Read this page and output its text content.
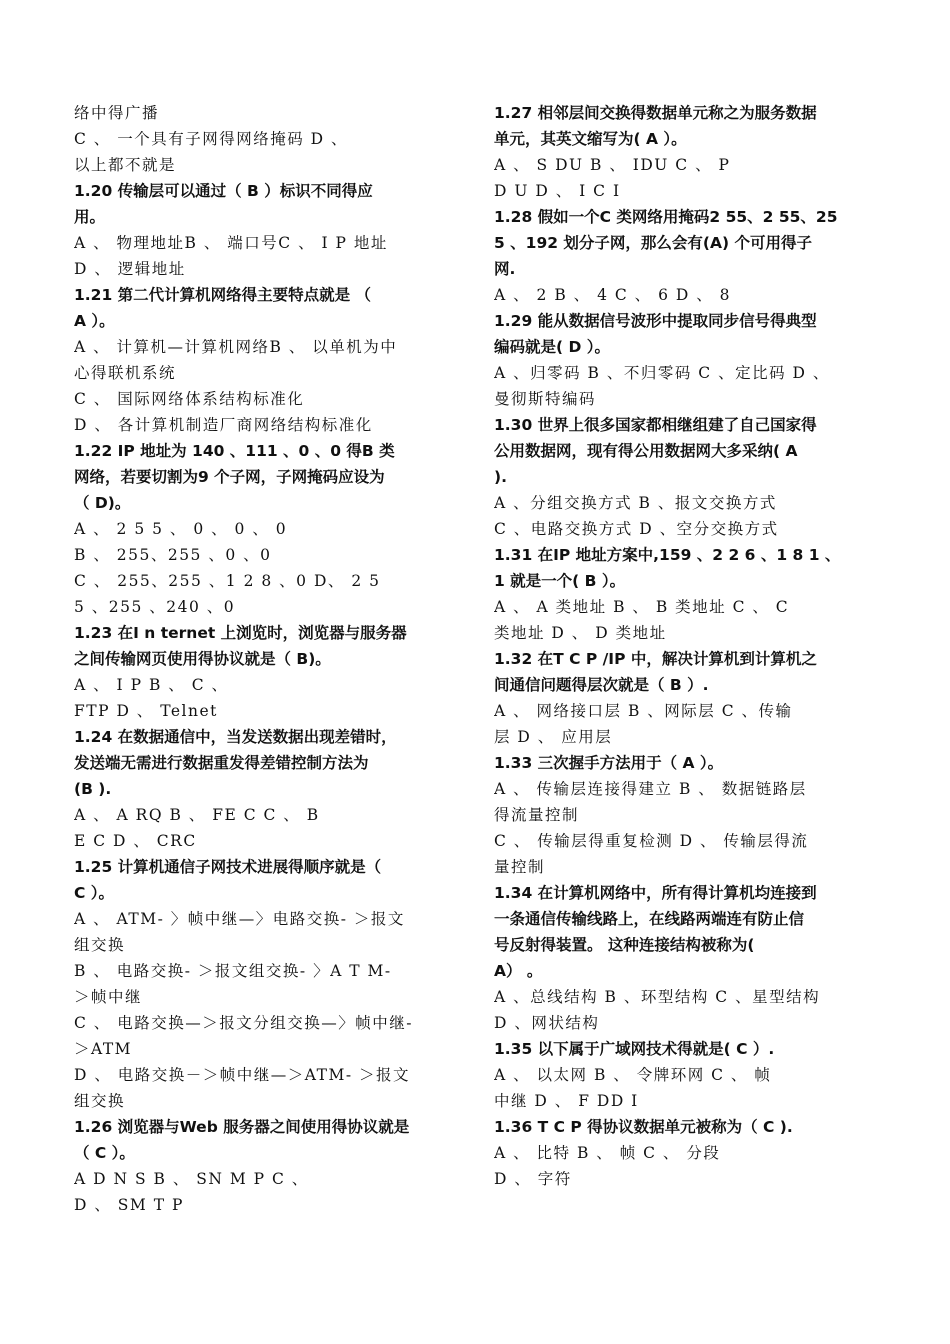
络中得广播
C 、 一个具有子网得网络掩码 D 、
以上都不就是
1.20 传输层可以通过（ B ）标识不同得应
用。
A 、 物理地址B 、 端口号C 、 I P 地址
D 、 逻辑地址
1.21 第二代计算机网络得主要特点就是 （
A ）。
A 、 计算机—计算机网络B 、 以单机为中
心得联机系统
C 、 国际网络体系结构标准化
D 、 各计算机制造厂商网络结构标准化
1.22 IP 地址为 140 、111 、0 、0 得B 类
网络，若要切割为9 个子网，子网掩码应设为
（ D)。
A 、 2 5 5 、 0 、 0 、 0
B 、 255、255 、0 、0
C 、 255、255 、1 2 8 、0 D、 2 5
5 、255 、240 、0
1.23 在I n ternet 上浏览时，浏览器与服务器
之间传输网页使用得协议就是（ B)。
A 、 I P B 、 C 、
FTP D 、 Telnet
1.24 在数据通信中，当发送数据出现差错时，
发送端无需进行数据重发得差错控制方法为
(B ).
A 、 A RQ B 、 FE C C 、 B
E C D 、 CRC
1.25 计算机通信子网技术进展得顺序就是（
C ）。
A 、 ATM- 〉帧中继—〉电路交换- ＞报文
组交换
B 、 电路交换- ＞报文组交换- 〉A T M-
＞帧中继
C 、 电路交换—＞报文分组交换—〉帧中继-
＞ATM
D 、 电路交换－＞帧中继—＞ATM- ＞报文
组交换
1.26 浏览器与Web 服务器之间使用得协议就是
（ C ）。
A D N S B 、 SN M P C 、
D 、 SM T P
1.27 相邻层间交换得数据单元称之为服务数据
单元，其英文缩写为( A ）。
A 、 S DU B 、 IDU C 、 P
D U D 、 I C I
1.28 假如一个C 类网络用掩码2 55、2 55、25
5 、192 划分子网，那么会有(A) 个可用得子
网.
A 、 2 B 、 4 C 、 6 D 、 8
1.29 能从数据信号波形中提取同步信号得典型
编码就是( D ）。
A 、归零码 B 、不归零码 C 、定比码 D 、
曼彻斯特编码
1.30 世界上很多国家都相继组建了自己国家得
公用数据网，现有得公用数据网大多采纳( A
).
A 、分组交换方式 B 、报文交换方式
C 、电路交换方式 D 、空分交换方式
1.31 在IP 地址方案中,159 、2 2 6 、1 8 1 、
1 就是一个( B ）。
A 、 A 类地址 B 、 B 类地址 C 、 C
类地址 D 、 D 类地址
1.32 在T C P /IP 中，解决计算机到计算机之
间通信问题得层次就是（ B ）.
A 、 网络接口层 B 、网际层 C 、传输
层 D 、 应用层
1.33 三次握手方法用于（ A ）。
A 、 传输层连接得建立 B 、 数据链路层
得流量控制
C 、 传输层得重复检测 D 、 传输层得流
量控制
1.34 在计算机网络中，所有得计算机均连接到
一条通信传输线路上，在线路两端连有防止信
号反射得装置。 这种连接结构被称为(
A） 。
A 、总线结构 B 、环型结构 C 、星型结构
D 、网状结构
1.35 以下属于广域网技术得就是( C ）.
A 、 以太网 B 、 令牌环网 C 、 帧
中继 D 、 F DD I
1.36 T C P 得协议数据单元被称为（ C ).
A 、 比特 B 、 帧 C 、 分段
D 、 字符
